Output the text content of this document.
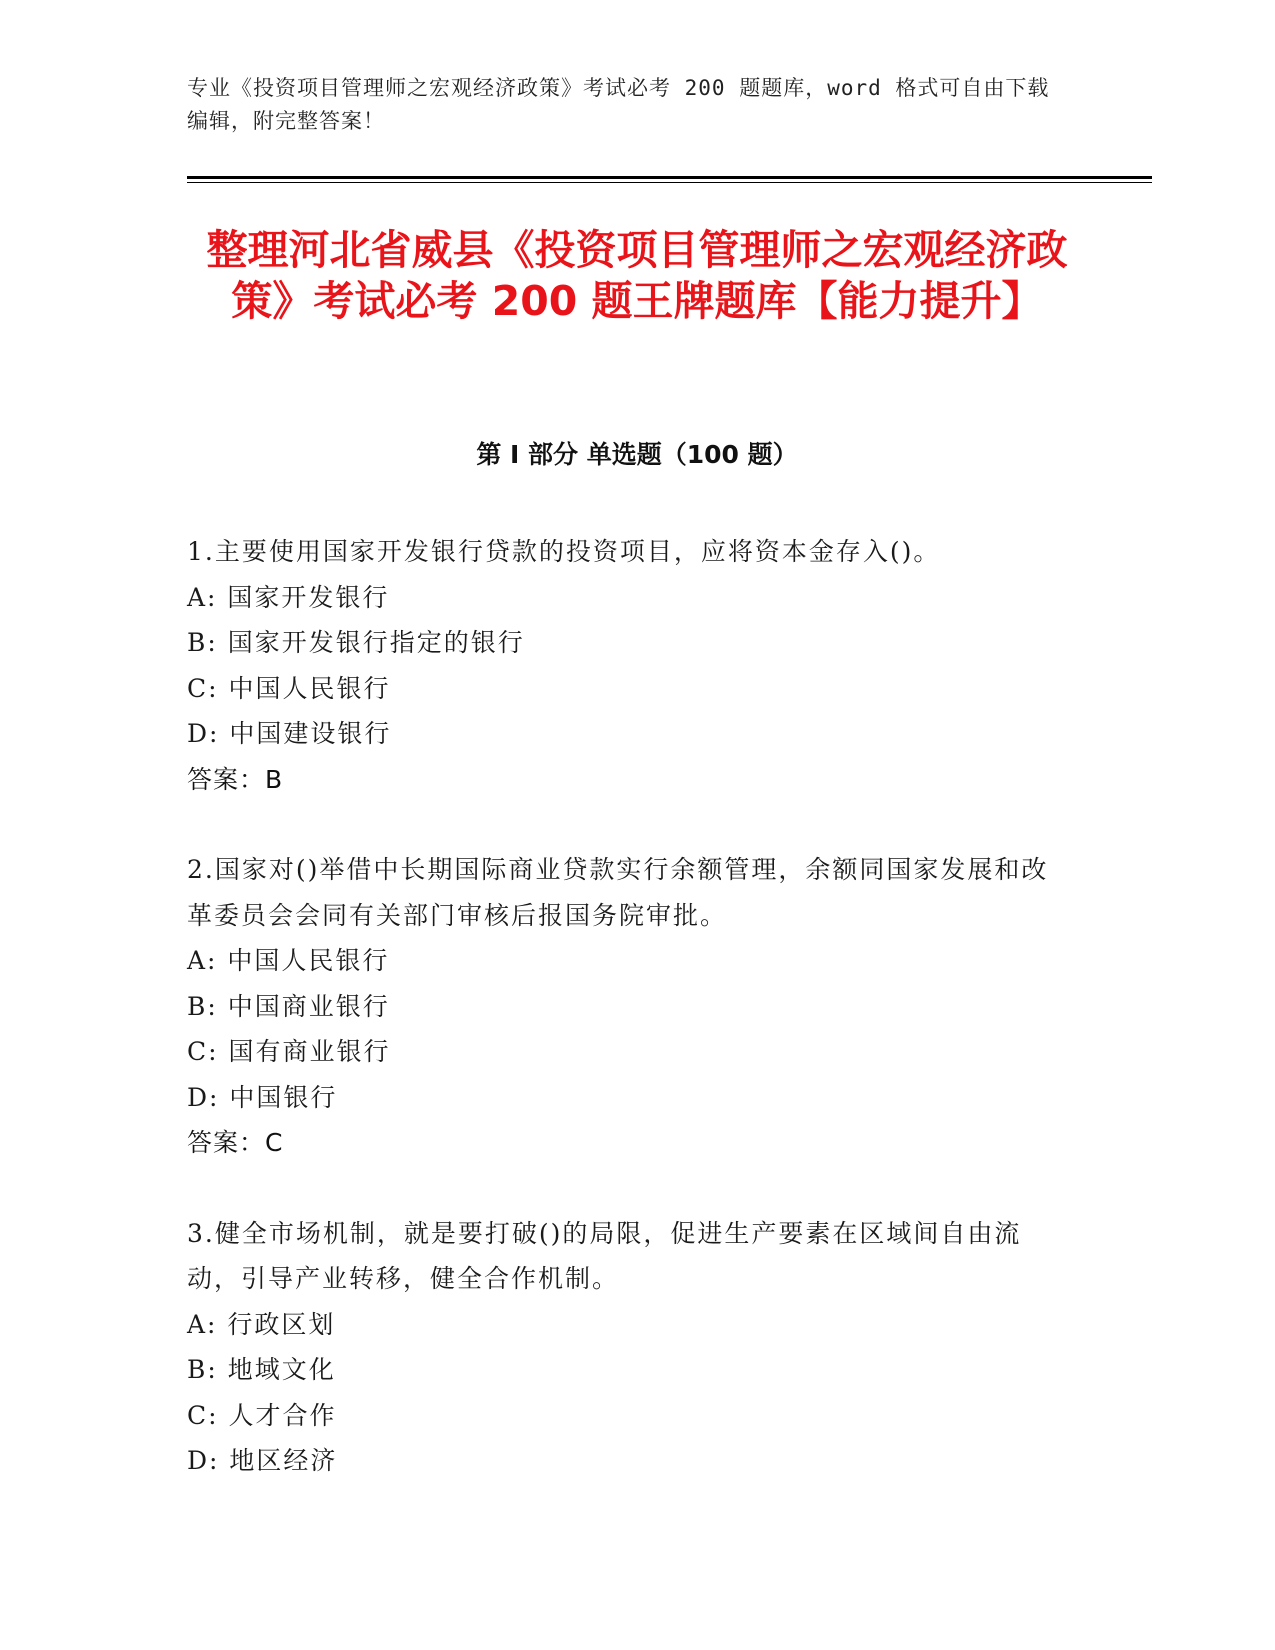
专业《投资项目管理师之宏观经济政策》考试必考 200 题题库，word 格式可自由下载编辑，附完整答案！
整理河北省威县《投资项目管理师之宏观经济政策》考试必考 200 题王牌题库【能力提升】
第 I 部分 单选题（100 题）
1.主要使用国家开发银行贷款的投资项目，应将资本金存入()。
A: 国家开发银行
B: 国家开发银行指定的银行
C: 中国人民银行
D: 中国建设银行
答案：B
2.国家对()举借中长期国际商业贷款实行余额管理，余额同国家发展和改革委员会会同有关部门审核后报国务院审批。
A: 中国人民银行
B: 中国商业银行
C: 国有商业银行
D: 中国银行
答案：C
3.健全市场机制，就是要打破()的局限，促进生产要素在区域间自由流动，引导产业转移，健全合作机制。
A: 行政区划
B: 地域文化
C: 人才合作
D: 地区经济
